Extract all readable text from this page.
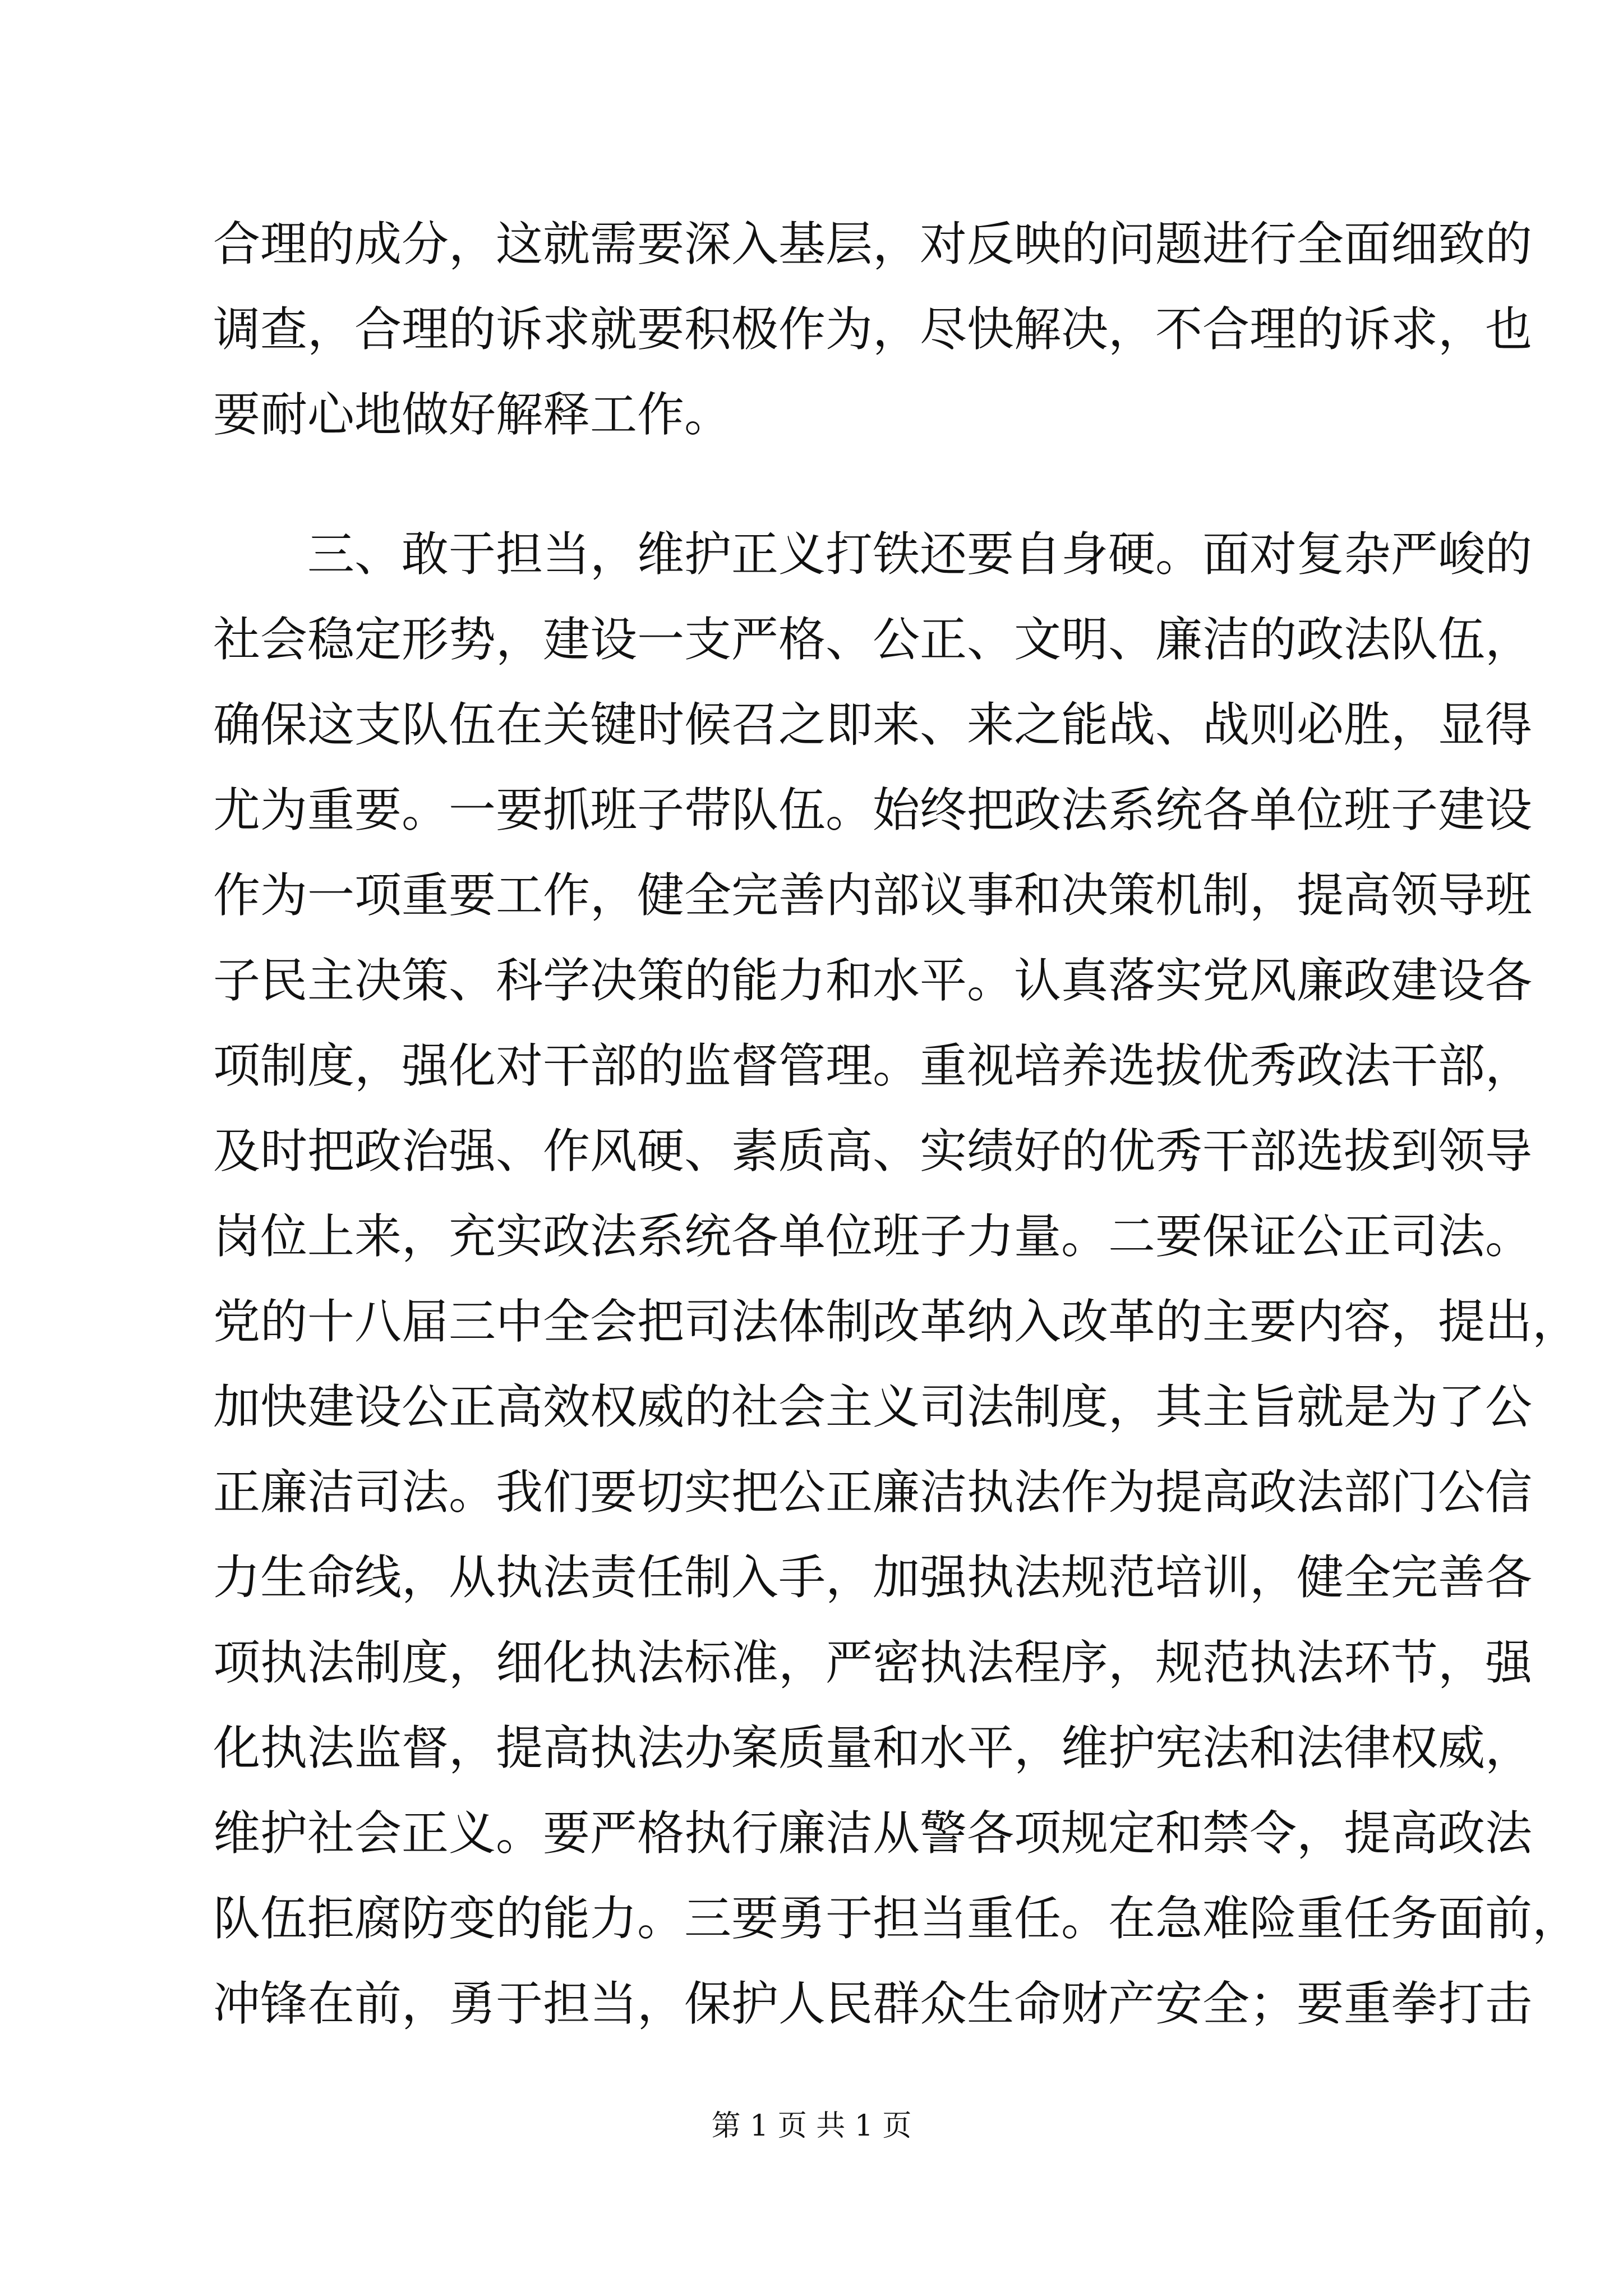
合理的成分，这就需要深入基层，对反映的问题进行全面细致的
调查，合理的诉求就要积极作为，尽快解决，不合理的诉求，也
要耐心地做好解释工作。
三、敢于担当，维护正义打铁还要自身硬。面对复杂严峻的
社会稳定形势，建设一支严格、公正、文明、廉洁的政法队伍，
确保这支队伍在关键时候召之即来、来之能战、战则必胜，显得
尤为重要。一要抓班子带队伍。始终把政法系统各单位班子建设
作为一项重要工作，健全完善内部议事和决策机制，提高领导班
子民主决策、科学决策的能力和水平。认真落实党风廉政建设各
项制度，强化对干部的监督管理。重视培养选拔优秀政法干部，
及时把政治强、作风硬、素质高、实绩好的优秀干部选拔到领导
岗位上来，充实政法系统各单位班子力量。二要保证公正司法。
党的十八届三中全会把司法体制改革纳入改革的主要内容，提出，
加快建设公正高效权威的社会主义司法制度，其主旨就是为了公
正廉洁司法。我们要切实把公正廉洁执法作为提高政法部门公信
力生命线，从执法责任制入手，加强执法规范培训，健全完善各
项执法制度，细化执法标准，严密执法程序，规范执法环节，强
化执法监督，提高执法办案质量和水平，维护宪法和法律权威，
维护社会正义。要严格执行廉洁从警各项规定和禁令，提高政法
队伍拒腐防变的能力。三要勇于担当重任。在急难险重任务面前，
冲锋在前，勇于担当，保护人民群众生命财产安全；要重拳打击
第 1 页 共 1 页
